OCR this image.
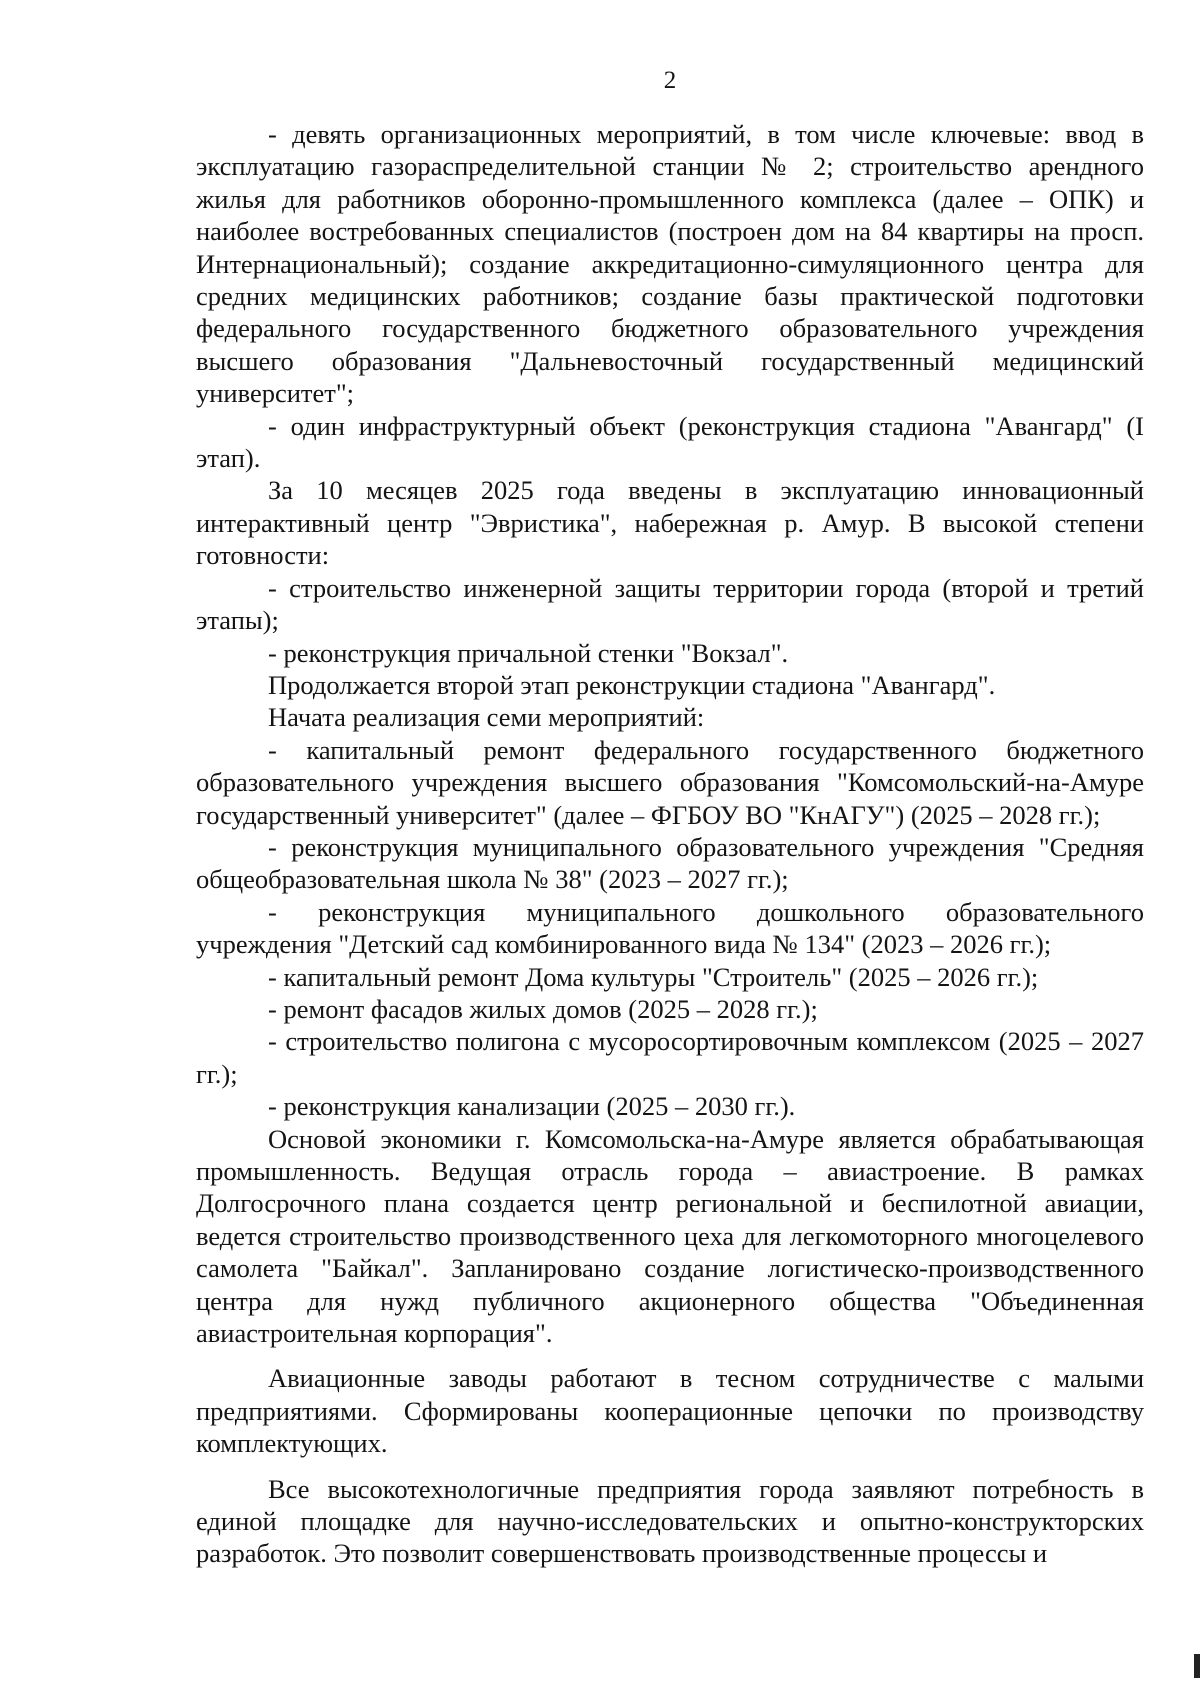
2

- девять организационных мероприятий, в том числе ключевые: ввод в эксплуатацию газораспределительной станции № 2; строительство арендного жилья для работников оборонно-промышленного комплекса (далее – ОПК) и наиболее востребованных специалистов (построен дом на 84 квартиры на просп. Интернациональный); создание аккредитационно-симуляционного центра для средних медицинских работников; создание базы практической подготовки федерального государственного бюджетного образовательного учреждения высшего образования "Дальневосточный государственный медицинский университет";

- один инфраструктурный объект (реконструкция стадиона "Авангард" (I этап).

За 10 месяцев 2025 года введены в эксплуатацию инновационный интерактивный центр "Эвристика", набережная р. Амур. В высокой степени готовности:

- строительство инженерной защиты территории города (второй и третий этапы);

- реконструкция причальной стенки "Вокзал".

Продолжается второй этап реконструкции стадиона "Авангард".

Начата реализация семи мероприятий:

- капитальный ремонт федерального государственного бюджетного образовательного учреждения высшего образования "Комсомольский-на-Амуре государственный университет" (далее – ФГБОУ ВО "КнАГУ") (2025 – 2028 гг.);

- реконструкция муниципального образовательного учреждения "Средняя общеобразовательная школа № 38" (2023 – 2027 гг.);

- реконструкция муниципального дошкольного образовательного учреждения "Детский сад комбинированного вида № 134" (2023 – 2026 гг.);

- капитальный ремонт Дома культуры "Строитель" (2025 – 2026 гг.);

- ремонт фасадов жилых домов (2025 – 2028 гг.);

- строительство полигона с мусоросортировочным комплексом (2025 – 2027 гг.);

- реконструкция канализации (2025 – 2030 гг.).

Основой экономики г. Комсомольска-на-Амуре является обрабатывающая промышленность. Ведущая отрасль города – авиастроение. В рамках Долгосрочного плана создается центр региональной и беспилотной авиации, ведется строительство производственного цеха для легкомоторного многоцелевого самолета "Байкал". Запланировано создание логистическо-производственного центра для нужд публичного акционерного общества "Объединенная авиастроительная корпорация".

Авиационные заводы работают в тесном сотрудничестве с малыми предприятиями. Сформированы кооперационные цепочки по производству комплектующих.

Все высокотехнологичные предприятия города заявляют потребность в единой площадке для научно-исследовательских и опытно-конструкторских разработок. Это позволит совершенствовать производственные процессы и
